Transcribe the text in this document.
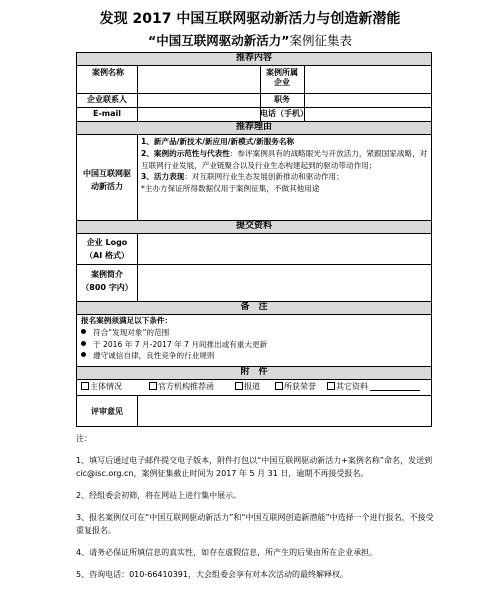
发现 2017 中国互联网驱动新活力与创造新潜能
“中国互联网驱动新活力”案例征集表
推荐内容
案例名称	案例所属企业
企业联系人	职务
E-mail	电话（手机）
推荐理由
中国互联网驱动新活力
1、新产品/新技术/新应用/新模式/新服务名称
2、案例的示范性与代表性：参评案例具有的战略眼光与开放活力，紧跟国家战略，对互联网行业发展，产业链聚合以及行业生态构建起到的驱动带动作用；
3、活力表现：对互联网行业生态发展创新推动和驱动作用；
*主办方保证所得数据仅用于案例征集，不做其他用途
提交资料
企业 Logo（AI 格式）
案例简介（800 字内）
备　注
报名案例须满足以下条件：
符合“发现对象”的范围
于 2016 年 7 月-2017 年 7 月间推出或有重大更新
遵守诚信自律，良性竞争的行业规则
附　件
主体情况	官方机构推荐函	报道	所获荣誉	其它资料
评审意见

注：

1、填写后通过电子邮件提交电子版本，附件打包以“中国互联网驱动新活力+案例名称”命名，发送到 cic@isc.org.cn，案例征集截止时间为 2017 年 5 月 31 日，逾期不再接受报名。

2、经组委会初筛，将在网站上进行集中展示。

3、报名案例仅可在“中国互联网驱动新活力”和“中国互联网创造新潜能”中选择一个进行报名，不接受重复报名。

4、请务必保证所填信息的真实性，如存在虚假信息，所产生的后果由所在企业承担。

5、咨询电话：010-66410391，大会组委会享有对本次活动的最终解释权。
